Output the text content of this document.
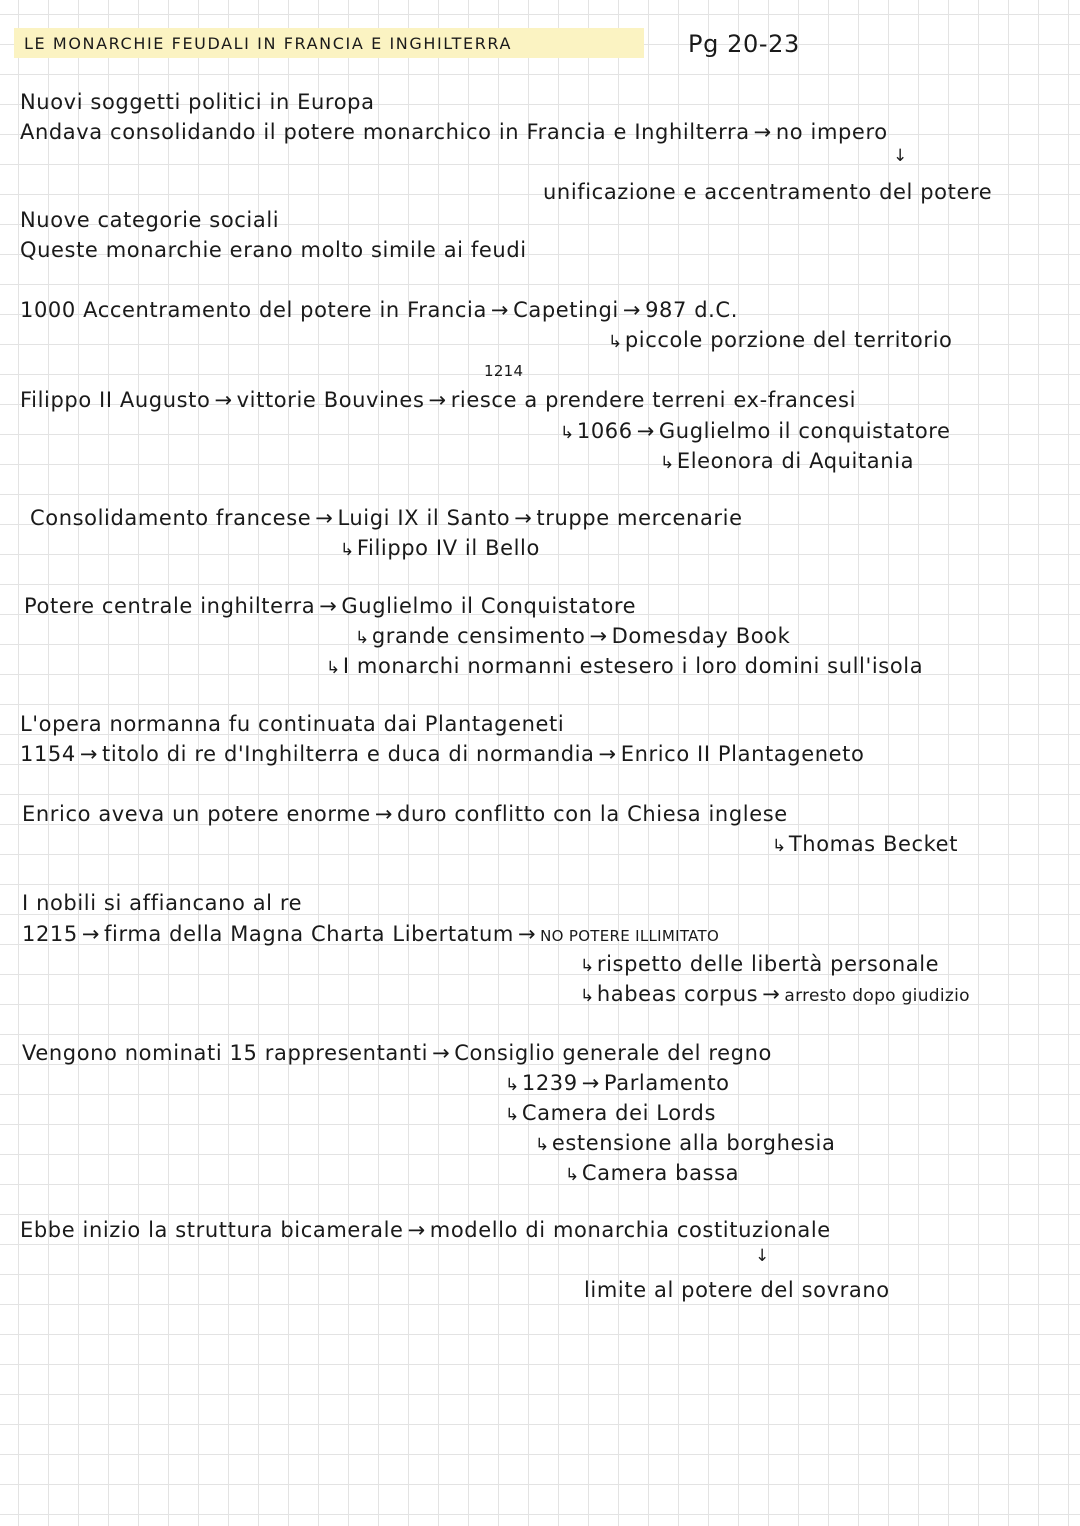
LE MONARCHIE FEUDALI IN FRANCIA E INGHILTERRA	Pg 20-23
Nuovi soggetti politici in Europa
Andava consolidando il potere monarchico in Francia e Inghilterra → no impero
↓
unificazione e accentramento del potere
Nuove categorie sociali
Queste monarchie erano molto simile ai feudi
1000 Accentramento del potere in Francia → Capetingi → 987 d.C.
↳piccole porzione del territorio
1214
Filippo II Augusto → vittorie Bouvines → riesce a prendere terreni ex-francesi
↳1066 → Guglielmo il conquistatore
↳Eleonora di Aquitania
Consolidamento francese → Luigi IX il Santo → truppe mercenarie
↳Filippo IV il Bello
Potere centrale inghilterra → Guglielmo il Conquistatore
↳grande censimento → Domesday Book
↳I monarchi normanni estesero i loro domini sull'isola
L'opera normanna fu continuata dai Plantageneti
1154 → titolo di re d'Inghilterra e duca di normandia → Enrico II Plantageneto
Enrico aveva un potere enorme → duro conflitto con la Chiesa inglese
↳Thomas Becket
I nobili si affiancano al re
1215 → firma della Magna Charta Libertatum → NO POTERE ILLIMITATO
↳rispetto delle libertà personale
↳habeas corpus → arresto dopo giudizio
Vengono nominati 15 rappresentanti → Consiglio generale del regno
↳1239 → Parlamento
↳Camera dei Lords
↳estensione alla borghesia
↳Camera bassa
Ebbe inizio la struttura bicamerale → modello di monarchia costituzionale
↓
limite al potere del sovrano
